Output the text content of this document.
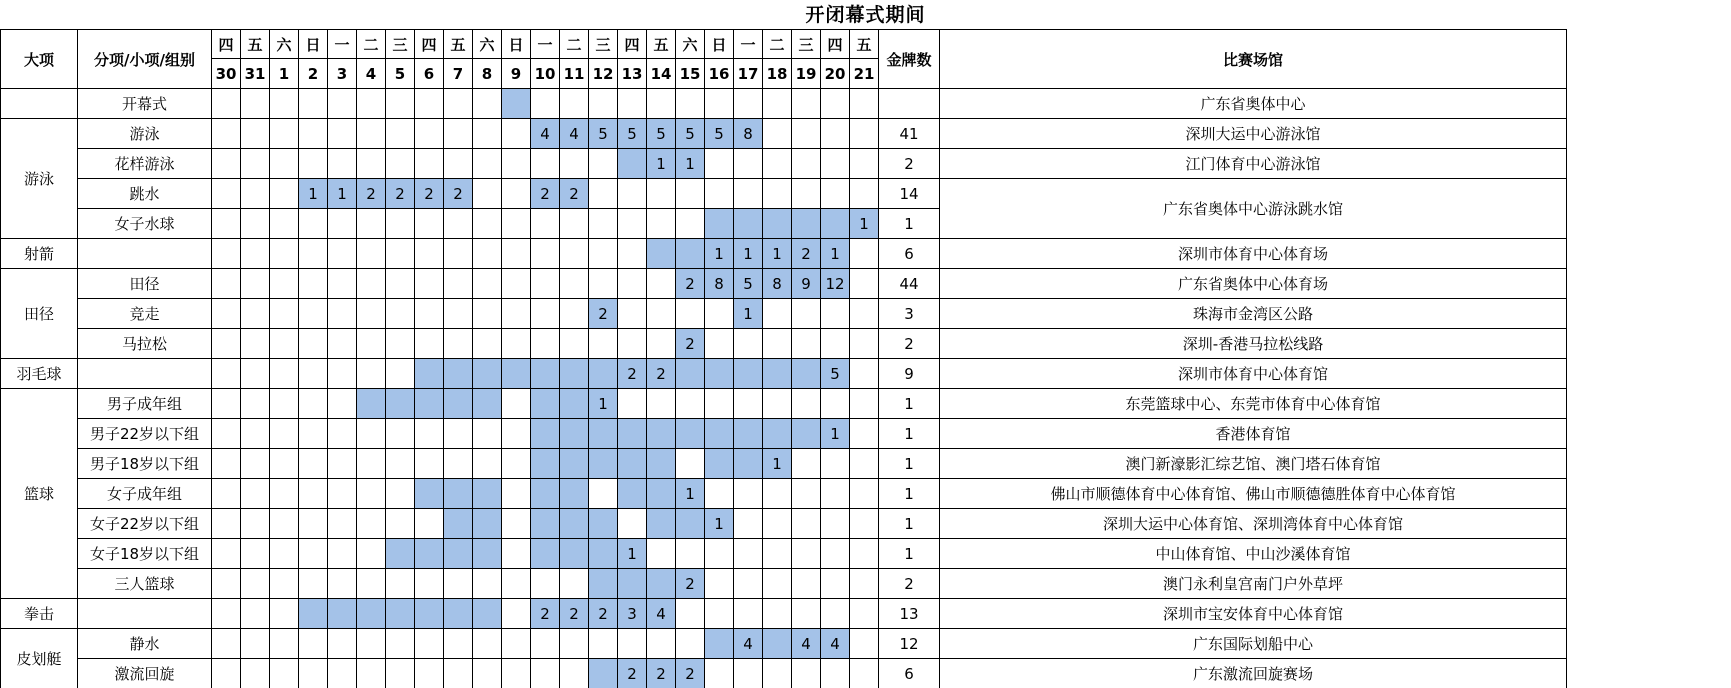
开闭幕式期间
大项	分项/小项/组别	四	五	六	日	一	二	三	四	五	六	日	一	二	三	四	五	六	日	一	二	三	四	五	金牌数	比赛场馆
		30	31	1	2	3	4	5	6	7	8	9	10	11	12	13	14	15	16	17	18	19	20	21		
	开幕式																									广东省奥体中心
游泳	游泳												4	4	5	5	5	5	5	8					41	深圳大运中心游泳馆
	花样游泳																1	1							2	江门体育中心游泳馆
	跳水				1	1	2	2	2	2			2	2											14	广东省奥体中心游泳跳水馆
	女子水球																							1	1	
射箭																			1	1	1	2	1		6	深圳市体育中心体育场
田径	田径																	2	8	5	8	9	12		44	广东省奥体中心体育场
	竞走														2					1					3	珠海市金湾区公路
	马拉松																	2							2	深圳-香港马拉松线路
羽毛球																2	2						5		9	深圳市体育中心体育馆
篮球	男子成年组														1										1	东莞篮球中心、东莞市体育中心体育馆
	男子22岁以下组																						1		1	香港体育馆
	男子18岁以下组																				1				1	澳门新濠影汇综艺馆、澳门塔石体育馆
	女子成年组																	1							1	佛山市顺德体育中心体育馆、佛山市顺德德胜体育中心体育馆
	女子22岁以下组																		1						1	深圳大运中心体育馆、深圳湾体育中心体育馆
	女子18岁以下组															1									1	中山体育馆、中山沙溪体育馆
	三人篮球																	2							2	澳门永利皇宫南门户外草坪
拳击													2	2	2	3	4								13	深圳市宝安体育中心体育馆
皮划艇	静水																			4		4	4		12	广东国际划船中心
	激流回旋															2	2	2							6	广东激流回旋赛场
